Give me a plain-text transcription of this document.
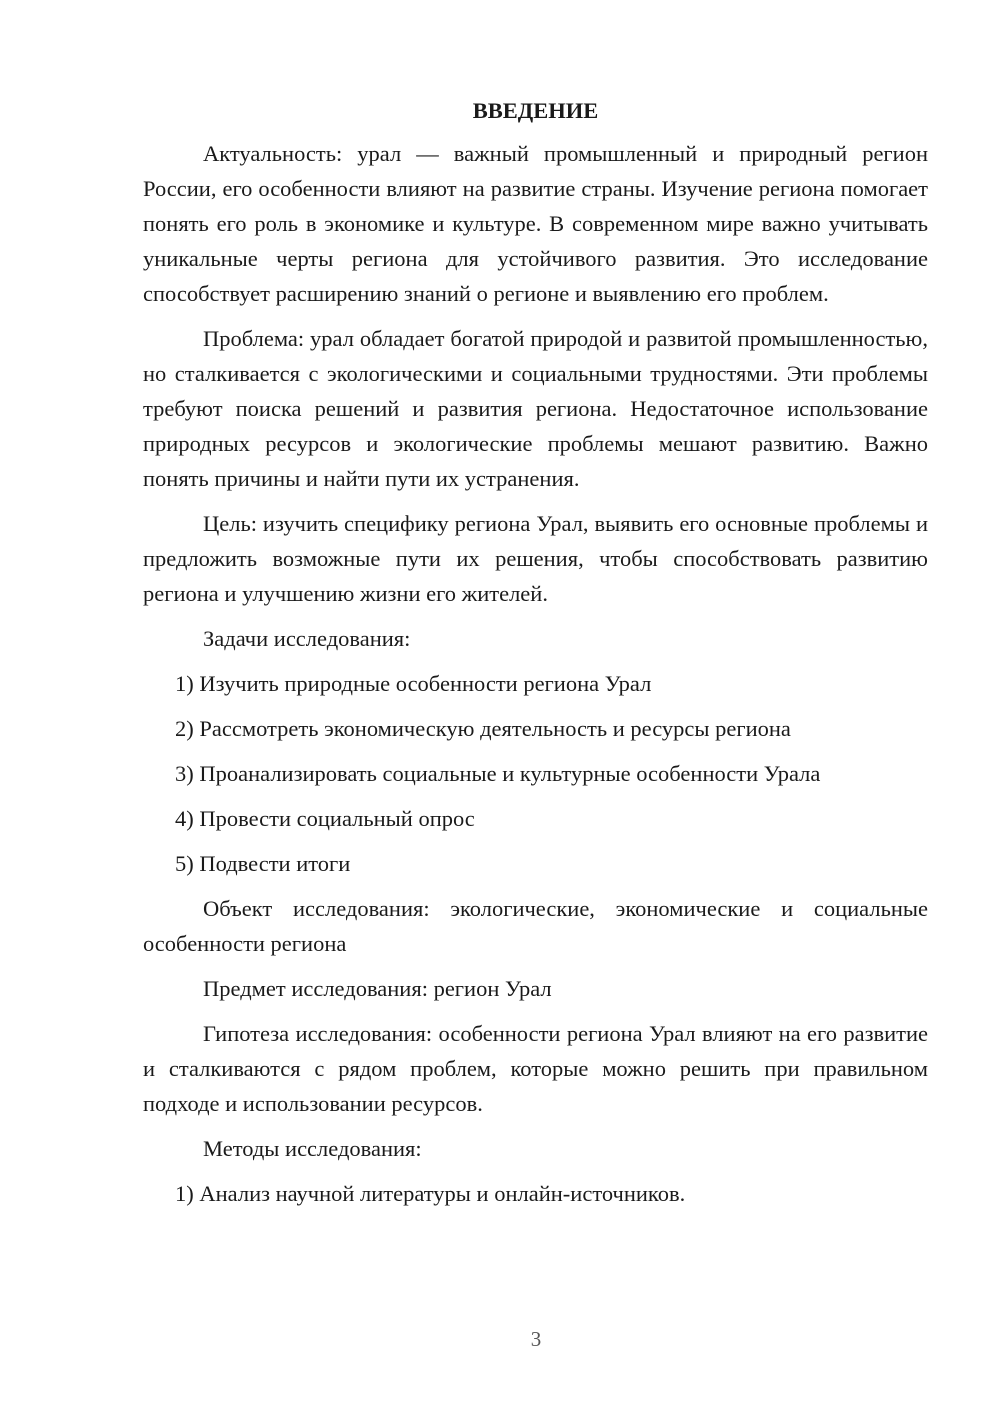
ВВЕДЕНИЕ

Актуальность: урал — важный промышленный и природный регион России, его особенности влияют на развитие страны. Изучение региона помогает понять его роль в экономике и культуре. В современном мире важно учитывать уникальные черты региона для устойчивого развития. Это исследование способствует расширению знаний о регионе и выявлению его проблем.

Проблема: урал обладает богатой природой и развитой промышленностью, но сталкивается с экологическими и социальными трудностями. Эти проблемы требуют поиска решений и развития региона. Недостаточное использование природных ресурсов и экологические проблемы мешают развитию. Важно понять причины и найти пути их устранения.

Цель: изучить специфику региона Урал, выявить его основные проблемы и предложить возможные пути их решения, чтобы способствовать развитию региона и улучшению жизни его жителей.

Задачи исследования:
1) Изучить природные особенности региона Урал
2) Рассмотреть экономическую деятельность и ресурсы региона
3) Проанализировать социальные и культурные особенности Урала
4) Провести социальный опрос
5) Подвести итоги

Объект исследования: экологические, экономические и социальные особенности региона

Предмет исследования: регион Урал

Гипотеза исследования: особенности региона Урал влияют на его развитие и сталкиваются с рядом проблем, которые можно решить при правильном подходе и использовании ресурсов.

Методы исследования:
1) Анализ научной литературы и онлайн-источников.
3
